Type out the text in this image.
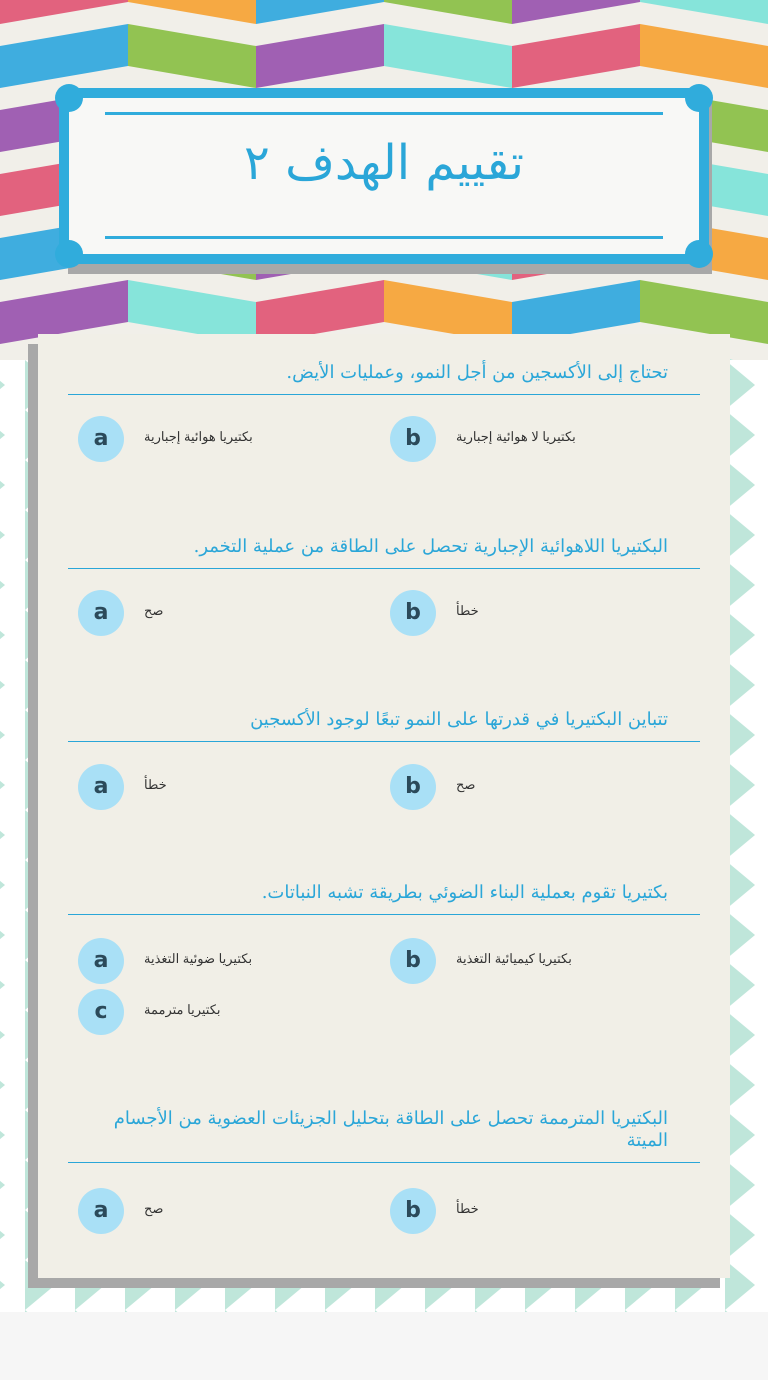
تقييم الهدف ٢
تحتاج إلى الأكسجين من أجل النمو، وعمليات الأيض.
a	بكتيريا هوائية إجبارية	b	بكتيريا لا هوائية إجبارية
البكتيريا اللاهوائية الإجبارية تحصل على الطاقة من عملية التخمر.
a	صح	b	خطأ
تتباين البكتيريا في قدرتها على النمو تبعًا لوجود الأكسجين
a	خطأ	b	صح
بكتيريا تقوم بعملية البناء الضوئي بطريقة تشبه النباتات.
a	بكتيريا ضوئية التغذية	b	بكتيريا كيميائية التغذية
c	بكتيريا مترممة
البكتيريا المترممة تحصل على الطاقة بتحليل الجزيئات العضوية من الأجسام الميتة
a	صح	b	خطأ
